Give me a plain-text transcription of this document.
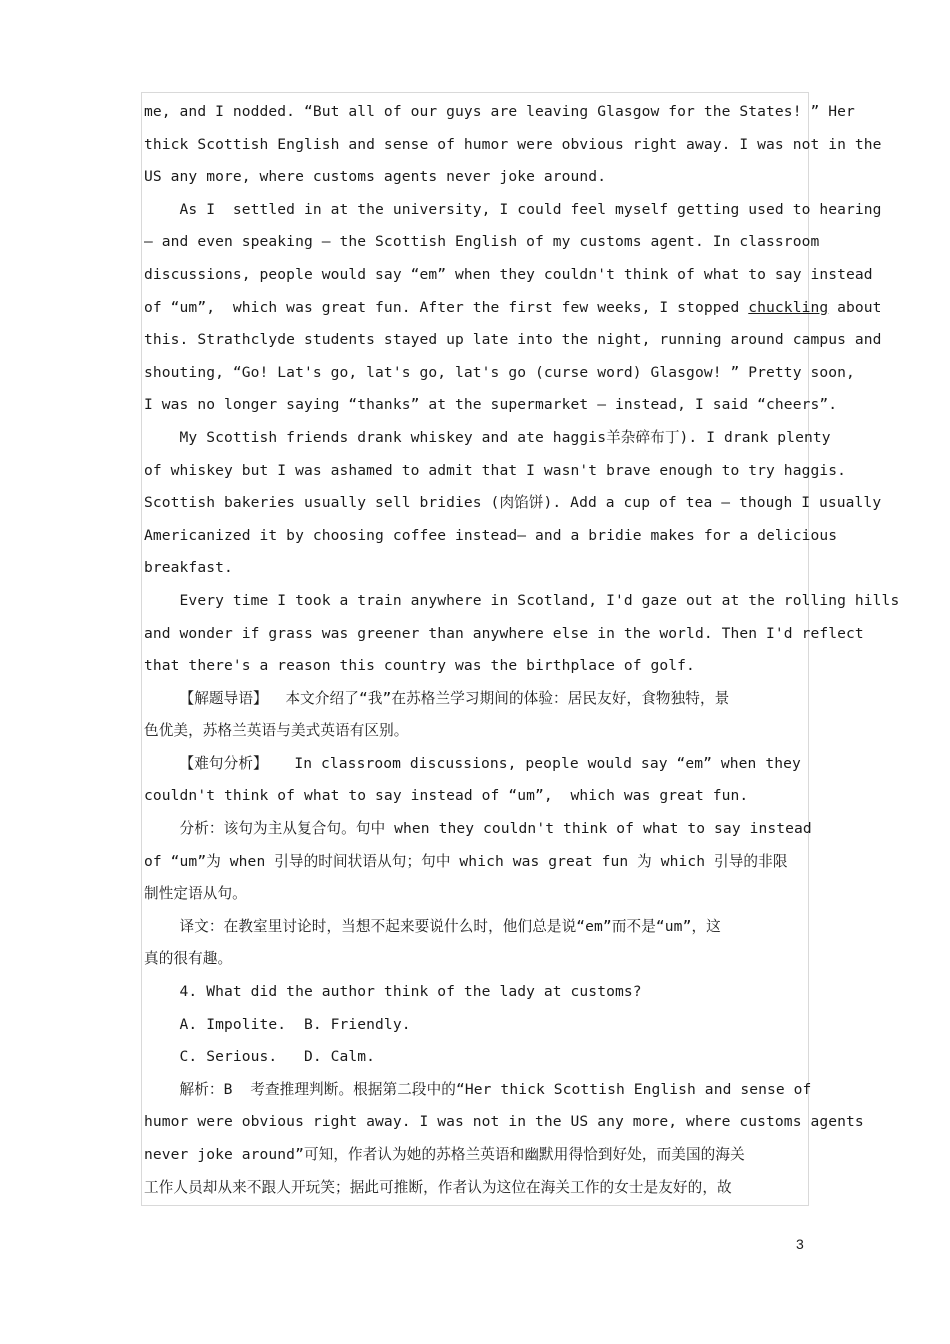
me, and I nodded. “But all of our guys are leaving Glasgow for the States! ” Her
thick Scottish English and sense of humor were obvious right away. I was not in the
US any more, where customs agents never joke around.
As I  settled in at the university, I could feel myself getting used to hearing
— and even speaking — the Scottish English of my customs agent. In classroom
discussions, people would say “em” when they couldn't think of what to say instead
of “um”,  which was great fun. After the first few weeks, I stopped chuckling about
this. Strathclyde students stayed up late into the night, running around campus and
shouting, “Go! Lat's go, lat's go, lat's go (curse word) Glasgow! ” Pretty soon,
I was no longer saying “thanks” at the supermarket — instead, I said “cheers”.
My Scottish friends drank whiskey and ate haggis羊杂碎布丁). I drank plenty
of whiskey but I was ashamed to admit that I wasn't brave enough to try haggis.
Scottish bakeries usually sell bridies (肉馅饼). Add a cup of tea — though I usually
Americanized it by choosing coffee instead— and a bridie makes for a delicious
breakfast.
Every time I took a train anywhere in Scotland, I'd gaze out at the rolling hills
and wonder if grass was greener than anywhere else in the world. Then I'd reflect
that there's a reason this country was the birthplace of golf.
【解题导语】  本文介绍了“我”在苏格兰学习期间的体验：居民友好，食物独特，景
色优美，苏格兰英语与美式英语有区别。
【难句分析】   In classroom discussions, people would say “em” when they
couldn't think of what to say instead of “um”,  which was great fun.
分析：该句为主从复合句。句中 when they couldn't think of what to say instead
of “um”为 when 引导的时间状语从句；句中 which was great fun 为 which 引导的非限
制性定语从句。
译文：在教室里讨论时，当想不起来要说什么时，他们总是说“em”而不是“um”，这
真的很有趣。
4. What did the author think of the lady at customs?
A. Impolite.  B. Friendly.
C. Serious.   D. Calm.
解析：B  考查推理判断。根据第二段中的“Her thick Scottish English and sense of
humor were obvious right away. I was not in the US any more, where customs agents
never joke around”可知，作者认为她的苏格兰英语和幽默用得恰到好处，而美国的海关
工作人员却从来不跟人开玩笑；据此可推断，作者认为这位在海关工作的女士是友好的，故
3
